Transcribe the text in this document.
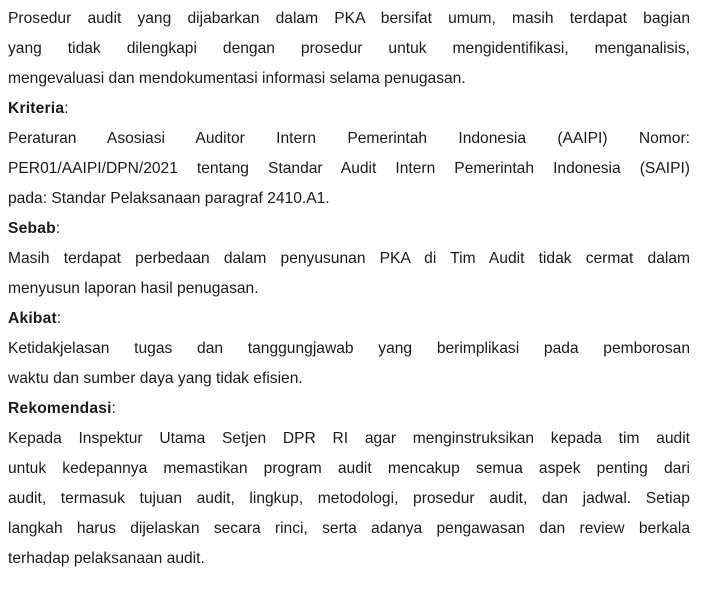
Prosedur audit yang dijabarkan dalam PKA bersifat umum, masih terdapat bagian
yang tidak dilengkapi dengan prosedur untuk mengidentifikasi, menganalisis,
mengevaluasi dan mendokumentasi informasi selama penugasan.

Kriteria:

Peraturan Asosiasi Auditor Intern Pemerintah Indonesia (AAIPI) Nomor:
PER01/AAIPI/DPN/2021 tentang Standar Audit Intern Pemerintah Indonesia (SAIPI)
pada: Standar Pelaksanaan paragraf 2410.A1.

Sebab:

Masih terdapat perbedaan dalam penyusunan PKA di Tim Audit tidak cermat dalam
menyusun laporan hasil penugasan.

Akibat:

Ketidakjelasan tugas dan tanggungjawab yang berimplikasi pada pemborosan
waktu dan sumber daya yang tidak efisien.

Rekomendasi:

Kepada Inspektur Utama Setjen DPR RI agar menginstruksikan kepada tim audit
untuk kedepannya memastikan program audit mencakup semua aspek penting dari
audit, termasuk tujuan audit, lingkup, metodologi, prosedur audit, dan jadwal. Setiap
langkah harus dijelaskan secara rinci, serta adanya pengawasan dan review berkala
terhadap pelaksanaan audit.
